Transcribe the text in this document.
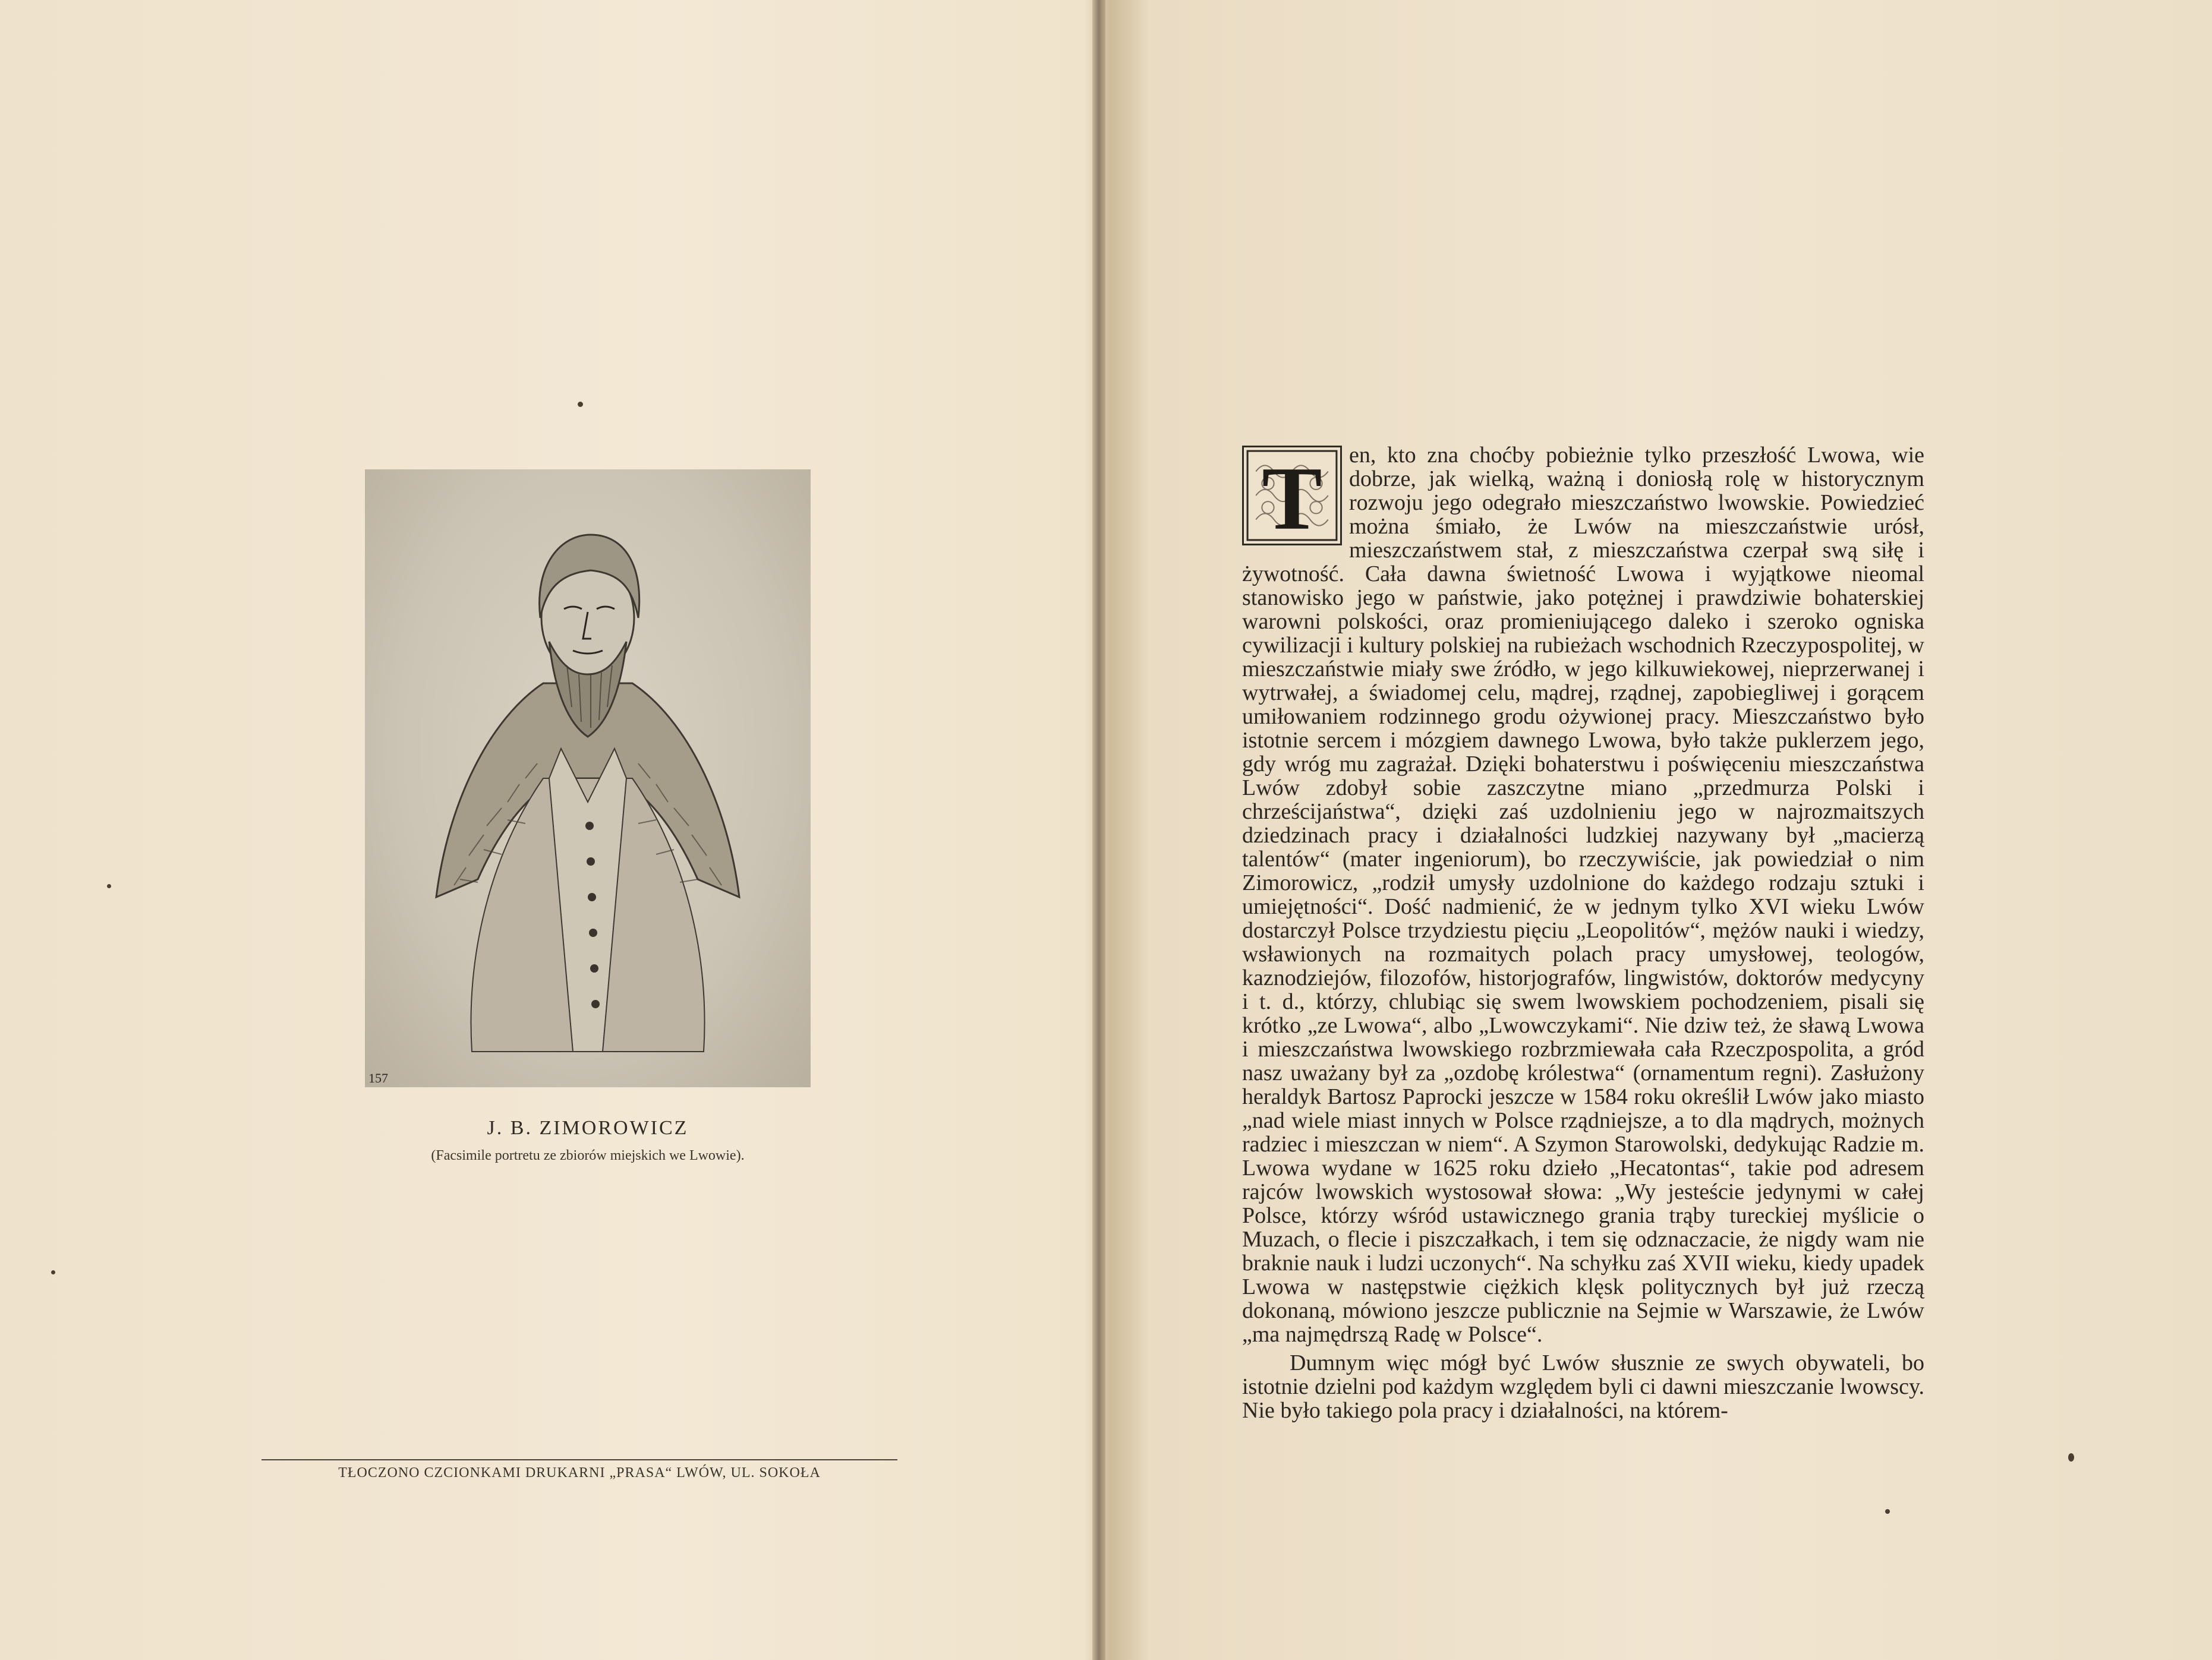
157
J. B. ZIMOROWICZ
(Facsimile portretu ze zbiorów miejskich we Lwowie).
TŁOCZONO CZCIONKAMI DRUKARNI „PRASA“ LWÓW, UL. SOKOŁA

T en, kto zna choćby pobieżnie tylko przeszłość Lwowa, wie dobrze, jak wielką, ważną i doniosłą rolę w historycznym rozwoju jego odegrało mieszczaństwo lwowskie. Powiedzieć można śmiało, że Lwów na mieszczaństwie urósł, mieszczaństwem stał, z mieszczaństwa czerpał swą siłę i żywotność. Cała dawna świetność Lwowa i wyjątkowe nieomal stanowisko jego w państwie, jako potężnej i prawdziwie bohaterskiej warowni polskości, oraz promieniującego daleko i szeroko ogniska cywilizacji i kultury polskiej na rubieżach wschodnich Rzeczypospolitej, w mieszczaństwie miały swe źródło, w jego kilkuwiekowej, nieprzerwanej i wytrwałej, a świadomej celu, mądrej, rządnej, zapobiegliwej i gorącem umiłowaniem rodzinnego grodu ożywionej pracy. Mieszczaństwo było istotnie sercem i mózgiem dawnego Lwowa, było także puklerzem jego, gdy wróg mu zagrażał. Dzięki bohaterstwu i poświęceniu mieszczaństwa Lwów zdobył sobie zaszczytne miano „przedmurza Polski i chrześcijaństwa“, dzięki zaś uzdolnieniu jego w najrozmaitszych dziedzinach pracy i działalności ludzkiej nazywany był „macierzą talentów“ (mater ingeniorum), bo rzeczywiście, jak powiedział o nim Zimorowicz, „rodził umysły uzdolnione do każdego rodzaju sztuki i umiejętności“. Dość nadmienić, że w jednym tylko XVI wieku Lwów dostarczył Polsce trzydziestu pięciu „Leopolitów“, mężów nauki i wiedzy, wsławionych na rozmaitych polach pracy umysłowej, teologów, kaznodziejów, filozofów, historjografów, lingwistów, doktorów medycyny i t. d., którzy, chlubiąc się swem lwowskiem pochodzeniem, pisali się krótko „ze Lwowa“, albo „Lwowczykami“. Nie dziw też, że sławą Lwowa i mieszczaństwa lwowskiego rozbrzmiewała cała Rzeczpospolita, a gród nasz uważany był za „ozdobę królestwa“ (ornamentum regni). Zasłużony heraldyk Bartosz Paprocki jeszcze w 1584 roku określił Lwów jako miasto „nad wiele miast innych w Polsce rządniejsze, a to dla mądrych, możnych radziec i mieszczan w niem“. A Szymon Starowolski, dedykując Radzie m. Lwowa wydane w 1625 roku dzieło „Hecatontas“, takie pod adresem rajców lwowskich wystosował słowa: „Wy jesteście jedynymi w całej Polsce, którzy wśród ustawicznego grania trąby tureckiej myślicie o Muzach, o flecie i piszczałkach, i tem się odznaczacie, że nigdy wam nie braknie nauk i ludzi uczonych“. Na schyłku zaś XVII wieku, kiedy upadek Lwowa w następstwie ciężkich klęsk politycznych był już rzeczą dokonaną, mówiono jeszcze publicznie na Sejmie w Warszawie, że Lwów „ma najmędrszą Radę w Polsce“.

Dumnym więc mógł być Lwów słusznie ze swych obywateli, bo istotnie dzielni pod każdym względem byli ci dawni mieszczanie lwowscy. Nie było takiego pola pracy i działalności, na którem-
